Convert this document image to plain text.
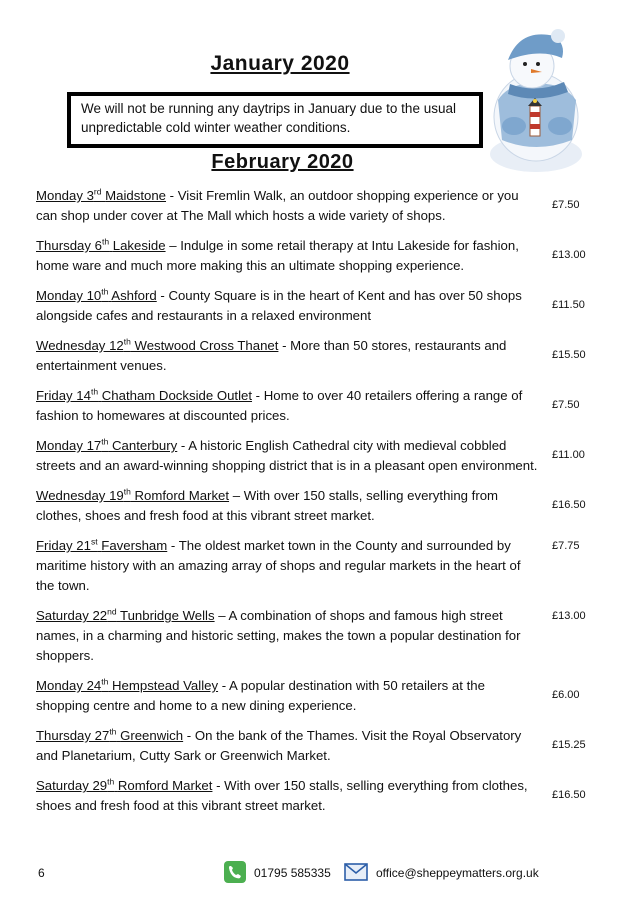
January 2020
We will not be running any daytrips in January due to the usual unpredictable cold winter weather conditions.
February 2020
Monday 3rd Maidstone - Visit Fremlin Walk, an outdoor shopping experience or you can shop under cover at The Mall which hosts a wide variety of shops.
£7.50
Thursday 6th Lakeside – Indulge in some retail therapy at Intu Lakeside for fashion, home ware and much more making this an ultimate shopping experience.
£13.00
Monday 10th Ashford - County Square is in the heart of Kent and has over 50 shops alongside cafes and restaurants in a relaxed environment
£11.50
Wednesday 12th Westwood Cross Thanet - More than 50 stores, restaurants and entertainment venues.
£15.50
Friday 14th Chatham Dockside Outlet - Home to over 40 retailers offering a range of fashion to homewares at discounted prices.
£7.50
Monday 17th Canterbury - A historic English Cathedral city with medieval cobbled streets and an award-winning shopping district that is in a pleasant open environment.
£11.00
Wednesday 19th Romford Market – With over 150 stalls, selling everything from clothes, shoes and fresh food at this vibrant street market.
£16.50
Friday 21st Faversham - The oldest market town in the County and surrounded by maritime history with an amazing array of shops and regular markets in the heart of the town.
£7.75
Saturday 22nd Tunbridge Wells – A combination of shops and famous high street names, in a charming and historic setting, makes the town a popular destination for shoppers.
£13.00
Monday 24th Hempstead Valley - A popular destination with 50 retailers at the shopping centre and home to a new dining experience.
£6.00
Thursday 27th Greenwich - On the bank of the Thames. Visit the Royal Observatory and Planetarium, Cutty Sark or Greenwich Market.
£15.25
Saturday 29th Romford Market - With over 150 stalls, selling everything from clothes, shoes and fresh food at this vibrant street market.
£16.50
6	01795 585335	office@sheppeymatters.org.uk
